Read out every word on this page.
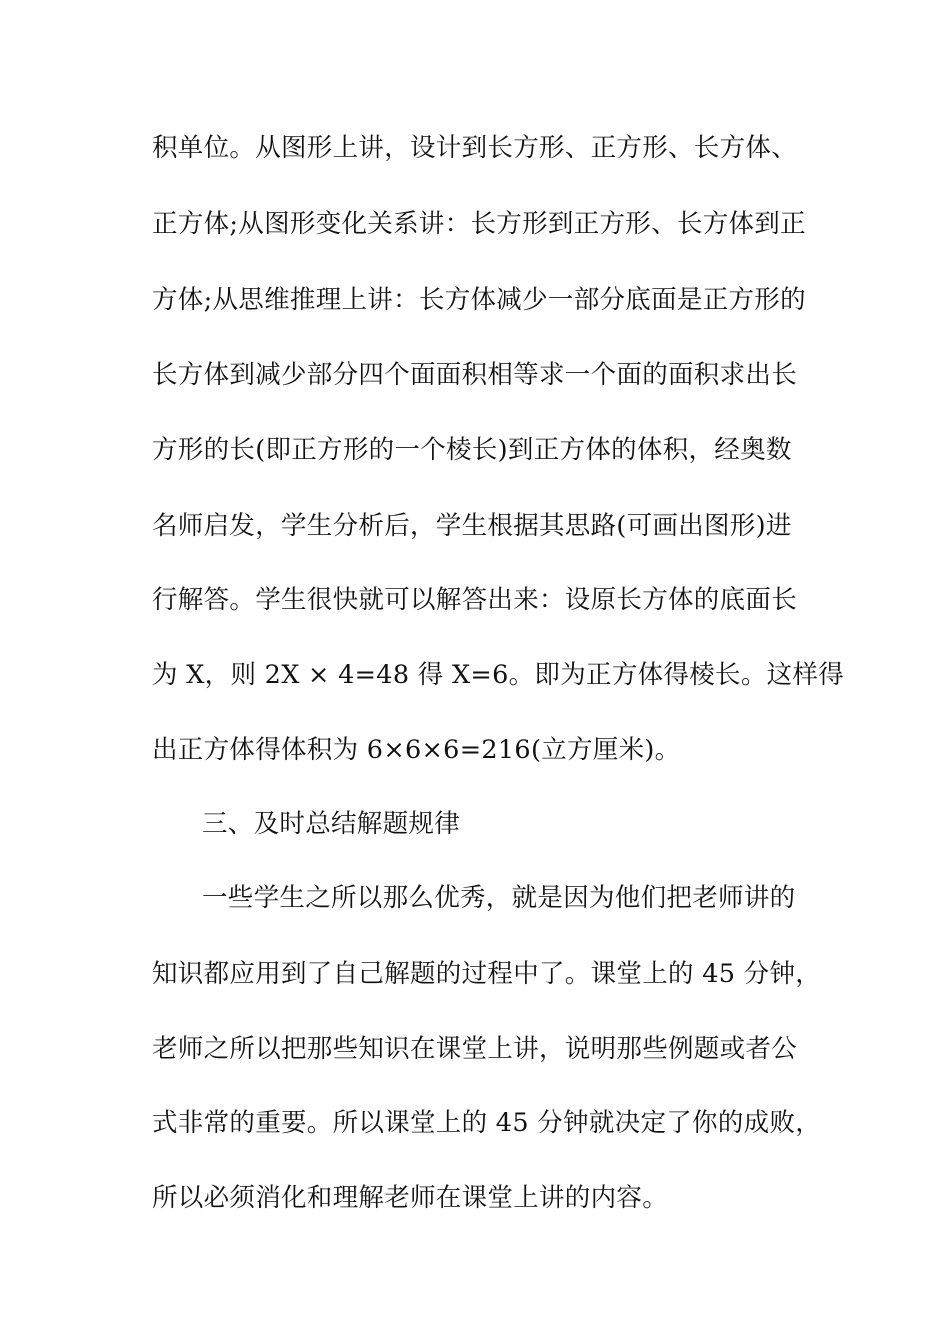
积单位。从图形上讲，设计到长方形、正方形、长方体、
正方体;从图形变化关系讲：长方形到正方形、长方体到正
方体;从思维推理上讲：长方体减少一部分底面是正方形的
长方体到减少部分四个面面积相等求一个面的面积求出长
方形的长(即正方形的一个棱长)到正方体的体积，经奥数
名师启发，学生分析后，学生根据其思路(可画出图形)进
行解答。学生很快就可以解答出来：设原长方体的底面长
为 X，则 2X × 4=48 得 X=6。即为正方体得棱长。这样得
出正方体得体积为 6×6×6=216(立方厘米)。
三、及时总结解题规律
一些学生之所以那么优秀，就是因为他们把老师讲的
知识都应用到了自己解题的过程中了。课堂上的 45 分钟，
老师之所以把那些知识在课堂上讲，说明那些例题或者公
式非常的重要。所以课堂上的 45 分钟就决定了你的成败，
所以必须消化和理解老师在课堂上讲的内容。
